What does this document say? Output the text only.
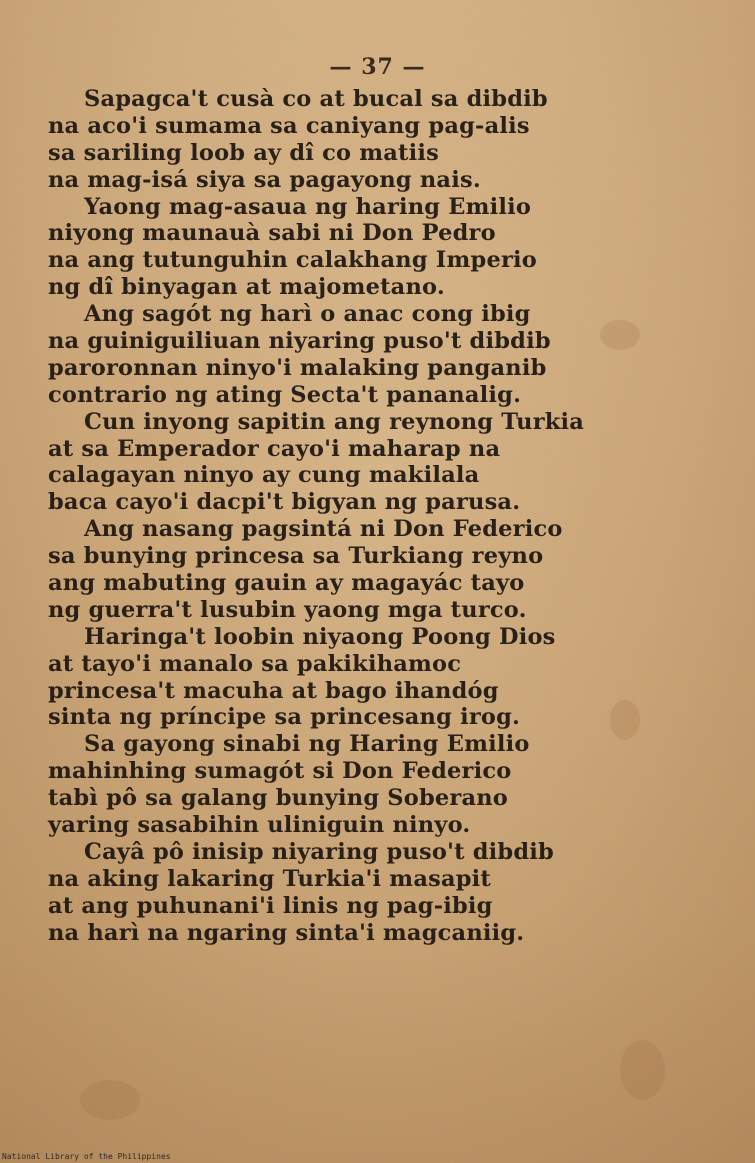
— 37 —
Sapagca't cusà co at bucal sa dibdib
na aco'i sumama sa caniyang pag-alis
sa sariling loob ay dî co matiis
na mag-isá siya sa pagayong nais.
Yaong mag-asaua ng haring Emilio
niyong maunauà sabi ni Don Pedro
na ang tutunguhin calakhang Imperio
ng dî binyagan at majometano.
Ang sagót ng harì o anac cong ibig
na guiniguiliuan niyaring puso't dibdib
paroronnan ninyo'i malaking panganib
contrario ng ating Secta't pananalig.
Cun inyong sapitin ang reynong Turkia
at sa Emperador cayo'i maharap na
calagayan ninyo ay cung makilala
baca cayo'i dacpi't bigyan ng parusa.
Ang nasang pagsintá ni Don Federico
sa bunying princesa sa Turkiang reyno
ang mabuting gauin ay magayác tayo
ng guerra't lusubin yaong mga turco.
Haringa't loobin niyaong Poong Dios
at tayo'i manalo sa pakikihamoc
princesa't macuha at bago ihandóg
sinta ng príncipe sa princesang irog.
Sa gayong sinabi ng Haring Emilio
mahinhing sumagót si Don Federico
tabì pô sa galang bunying Soberano
yaring sasabihin uliniguin ninyo.
Cayâ pô inisip niyaring puso't dibdib
na aking lakaring Turkia'i masapit
at ang puhunani'i linis ng pag-ibig
na harì na ngaring sinta'i magcaniig.
National Library of the Philippines
